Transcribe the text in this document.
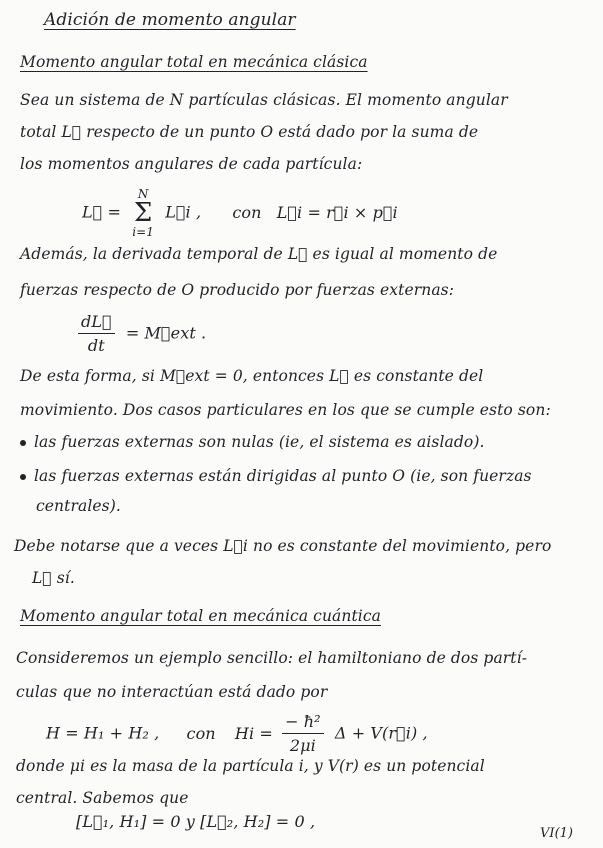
Adición de momento angular
Momento angular total en mecánica clásica
Sea un sistema de N partículas clásicas. El momento angular
total L⃗ respecto de un punto O está dado por la suma de
los momentos angulares de cada partícula:
L⃗ = N
Σ
i=1 L⃗i , con L⃗i = r⃗i × p⃗i
Además, la derivada temporal de L⃗ es igual al momento de
fuerzas respecto de O producido por fuerzas externas:
$\frac{dL⃗}{dt}$ = M⃗ext .
De esta forma, si M⃗ext = 0, entonces L⃗ es constante del
movimiento. Dos casos particulares en los que se cumple esto son:
las fuerzas externas son nulas (ie, el sistema es aislado).
las fuerzas externas están dirigidas al punto O (ie, son fuerzas
centrales).
Debe notarse que a veces L⃗i no es constante del movimiento, pero
L⃗ sí.
Momento angular total en mecánica cuántica
Consideremos un ejemplo sencillo: el hamiltoniano de dos partí-
culas que no interactúan está dado por
H = H₁ + H₂ , con $Hi = \frac{\text{− ħ²}}{2\mu i}$ Δ + V(r⃗i) ,
donde μi es la masa de la partícula i, y V(r) es un potencial
central. Sabemos que
[L⃗₁, H₁] = 0 y [L⃗₂, H₂] = 0 ,
VI(1)
